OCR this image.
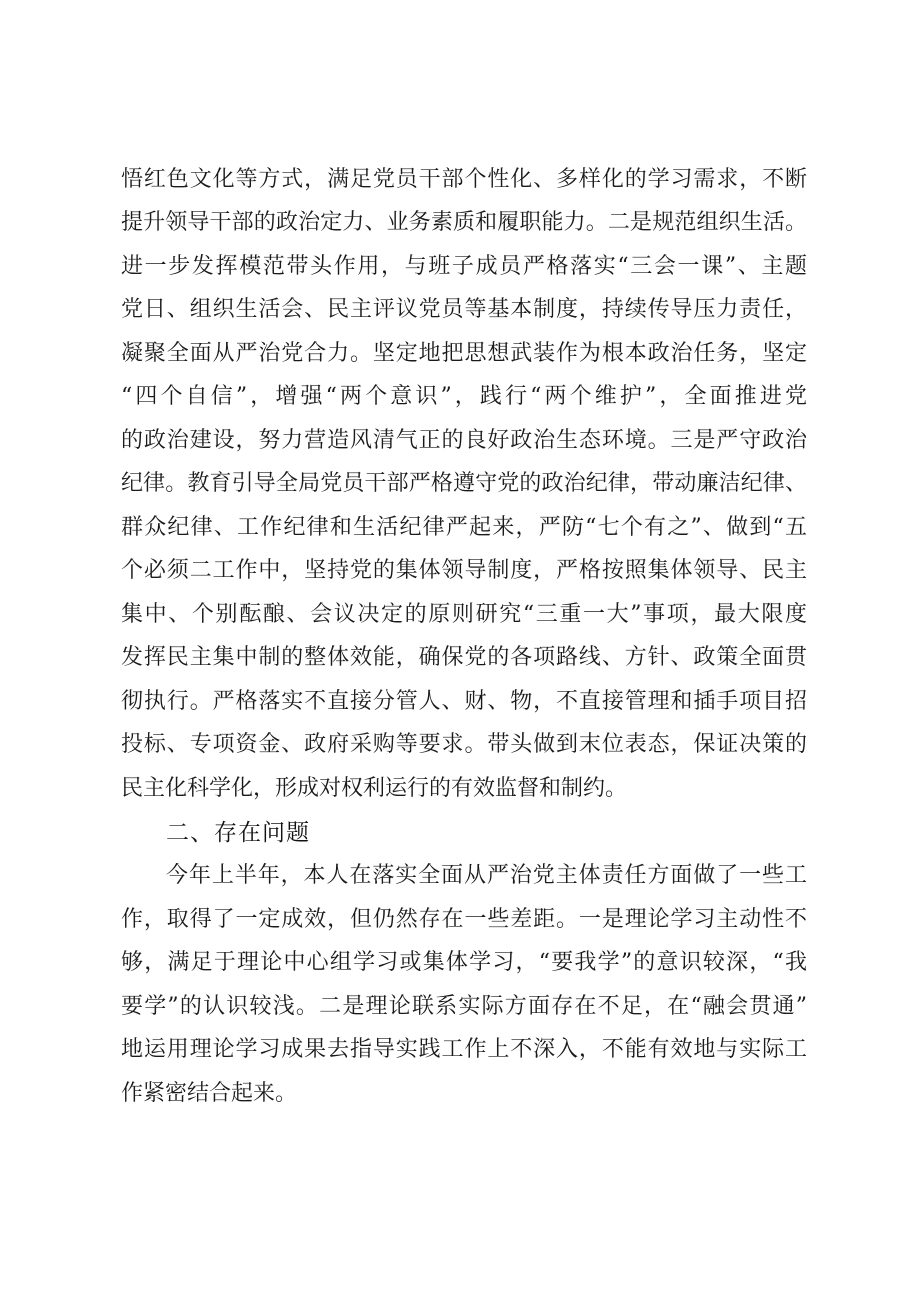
悟红色文化等方式，满足党员干部个性化、多样化的学习需求，不断
提升领导干部的政治定力、业务素质和履职能力。二是规范组织生活。
进一步发挥模范带头作用，与班子成员严格落实“三会一课”、主题
党日、组织生活会、民主评议党员等基本制度，持续传导压力责任，
凝聚全面从严治党合力。坚定地把思想武装作为根本政治任务，坚定
“四个自信”，增强“两个意识”，践行“两个维护”，全面推进党
的政治建设，努力营造风清气正的良好政治生态环境。三是严守政治
纪律。教育引导全局党员干部严格遵守党的政治纪律，带动廉洁纪律、
群众纪律、工作纪律和生活纪律严起来，严防“七个有之”、做到“五
个必须二工作中，坚持党的集体领导制度，严格按照集体领导、民主
集中、个别酝酿、会议决定的原则研究“三重一大”事项，最大限度
发挥民主集中制的整体效能，确保党的各项路线、方针、政策全面贯
彻执行。严格落实不直接分管人、财、物，不直接管理和插手项目招
投标、专项资金、政府采购等要求。带头做到末位表态，保证决策的
民主化科学化，形成对权利运行的有效监督和制约。
二、存在问题
今年上半年，本人在落实全面从严治党主体责任方面做了一些工
作，取得了一定成效，但仍然存在一些差距。一是理论学习主动性不
够，满足于理论中心组学习或集体学习，“要我学”的意识较深，“我
要学”的认识较浅。二是理论联系实际方面存在不足，在“融会贯通”
地运用理论学习成果去指导实践工作上不深入，不能有效地与实际工
作紧密结合起来。
